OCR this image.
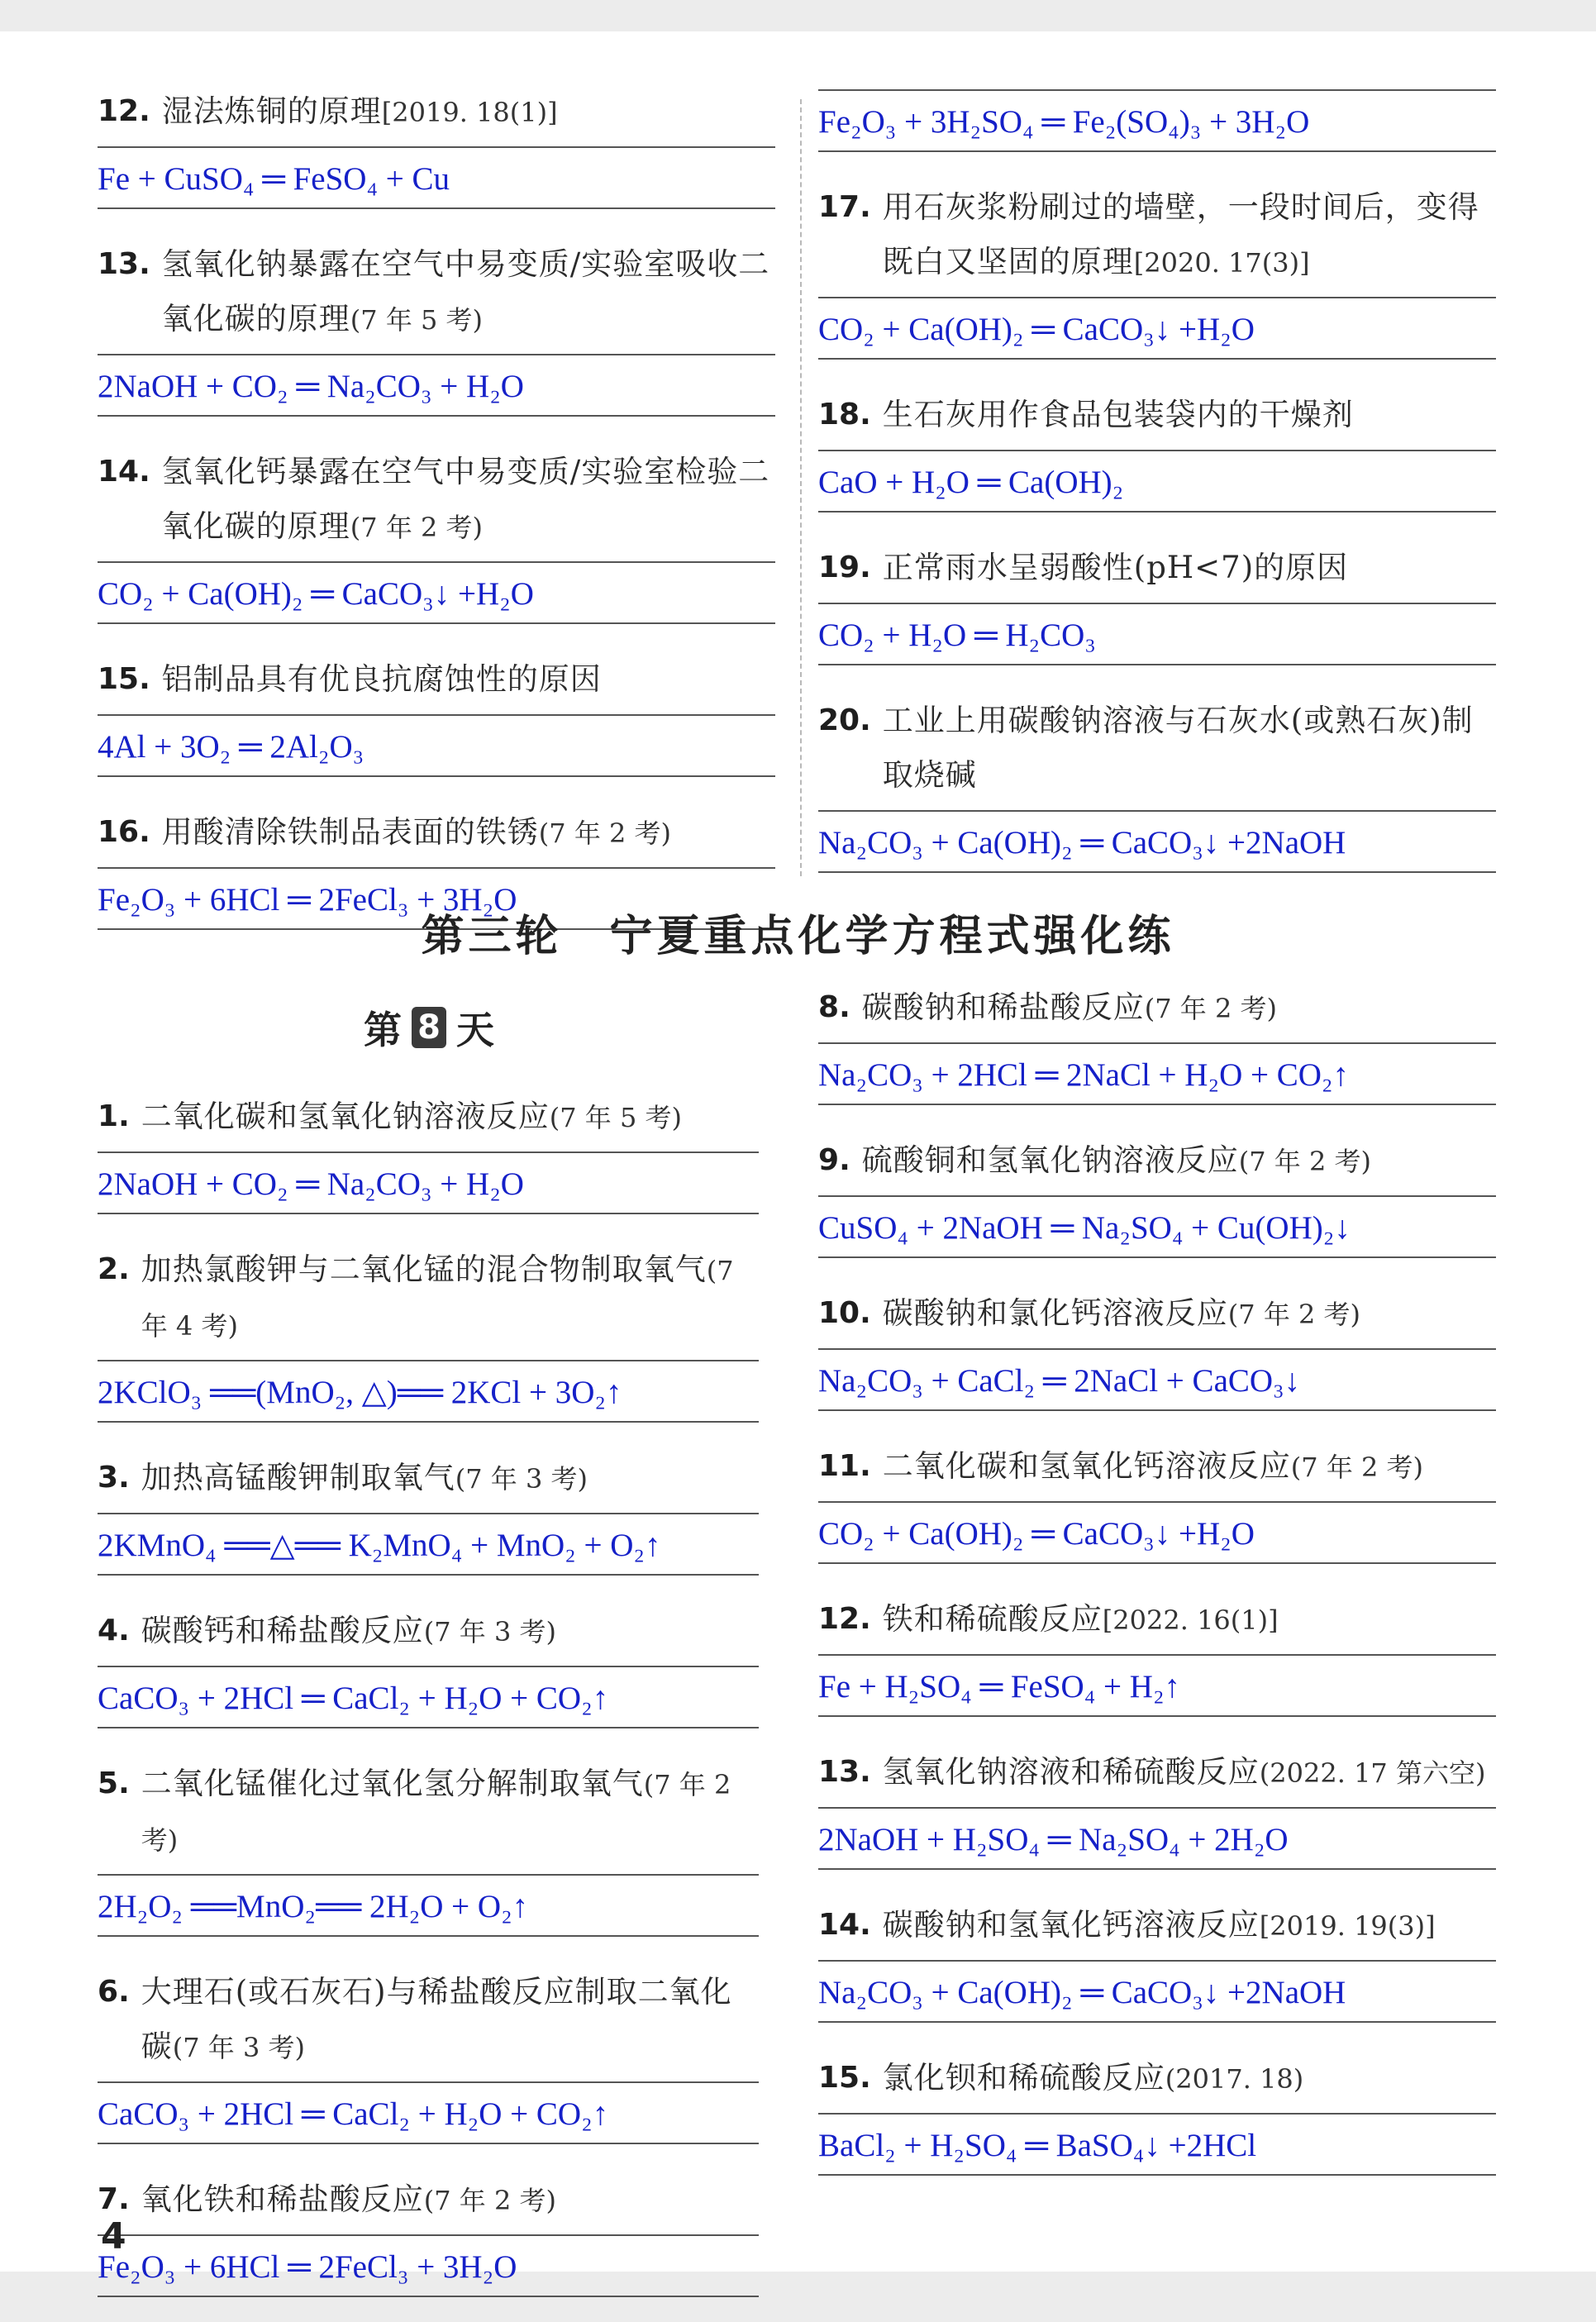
12 . 湿法炼铜的原理[2019. 18(1)]
Fe + CuSO₄ ═ FeSO₄ + Cu
13 . 氢氧化钠暴露在空气中易变质/实验室吸收二氧化碳的原理(7 年 5 考)
2NaOH + CO₂ ═ Na₂CO₃ + H₂O
14 . 氢氧化钙暴露在空气中易变质/实验室检验二氧化碳的原理(7 年 2 考)
CO₂ + Ca(OH)₂ ═ CaCO₃↓ +H₂O
15 . 铝制品具有优良抗腐蚀性的原因
4Al + 3O₂ ═ 2Al₂O₃
16 . 用酸清除铁制品表面的铁锈(7 年 2 考)
Fe₂O₃ + 6HCl ═ 2FeCl₃ + 3H₂O
Fe₂O₃ + 3H₂SO₄ ═ Fe₂(SO₄)₃ + 3H₂O
17 . 用石灰浆粉刷过的墙壁，一段时间后，变得既白又坚固的原理[2020. 17(3)]
CO₂ + Ca(OH)₂ ═ CaCO₃↓ +H₂O
18 . 生石灰用作食品包装袋内的干燥剂
CaO + H₂O ═ Ca(OH)₂
19 . 正常雨水呈弱酸性(pH<7)的原因
CO₂ + H₂O ═ H₂CO₃
20 . 工业上用碳酸钠溶液与石灰水(或熟石灰)制取烧碱
Na₂CO₃ + Ca(OH)₂ ═ CaCO₃↓ +2NaOH
第三轮　宁夏重点化学方程式强化练
第 8 天
1 . 二氧化碳和氢氧化钠溶液反应(7 年 5 考)
2NaOH + CO₂ ═ Na₂CO₃ + H₂O
2 . 加热氯酸钾与二氧化锰的混合物制取氧气(7 年 4 考)
2KClO₃ ══(MnO₂, △)══ 2KCl + 3O₂↑
3 . 加热高锰酸钾制取氧气(7 年 3 考)
2KMnO₄ ══△══ K₂MnO₄ + MnO₂ + O₂↑
4 . 碳酸钙和稀盐酸反应(7 年 3 考)
CaCO₃ + 2HCl ═ CaCl₂ + H₂O + CO₂↑
5 . 二氧化锰催化过氧化氢分解制取氧气(7 年 2 考)
2H₂O₂ ══MnO₂══ 2H₂O + O₂↑
6 . 大理石(或石灰石)与稀盐酸反应制取二氧化碳(7 年 3 考)
CaCO₃ + 2HCl ═ CaCl₂ + H₂O + CO₂↑
7 . 氧化铁和稀盐酸反应(7 年 2 考)
Fe₂O₃ + 6HCl ═ 2FeCl₃ + 3H₂O
8 . 碳酸钠和稀盐酸反应(7 年 2 考)
Na₂CO₃ + 2HCl ═ 2NaCl + H₂O + CO₂↑
9 . 硫酸铜和氢氧化钠溶液反应(7 年 2 考)
CuSO₄ + 2NaOH ═ Na₂SO₄ + Cu(OH)₂↓
10 . 碳酸钠和氯化钙溶液反应(7 年 2 考)
Na₂CO₃ + CaCl₂ ═ 2NaCl + CaCO₃↓
11 . 二氧化碳和氢氧化钙溶液反应(7 年 2 考)
CO₂ + Ca(OH)₂ ═ CaCO₃↓ +H₂O
12 . 铁和稀硫酸反应[2022. 16(1)]
Fe + H₂SO₄ ═ FeSO₄ + H₂↑
13 . 氢氧化钠溶液和稀硫酸反应(2022. 17 第六空)
2NaOH + H₂SO₄ ═ Na₂SO₄ + 2H₂O
14 . 碳酸钠和氢氧化钙溶液反应[2019. 19(3)]
Na₂CO₃ + Ca(OH)₂ ═ CaCO₃↓ +2NaOH
15 . 氯化钡和稀硫酸反应(2017. 18)
BaCl₂ + H₂SO₄ ═ BaSO₄↓ +2HCl
4
